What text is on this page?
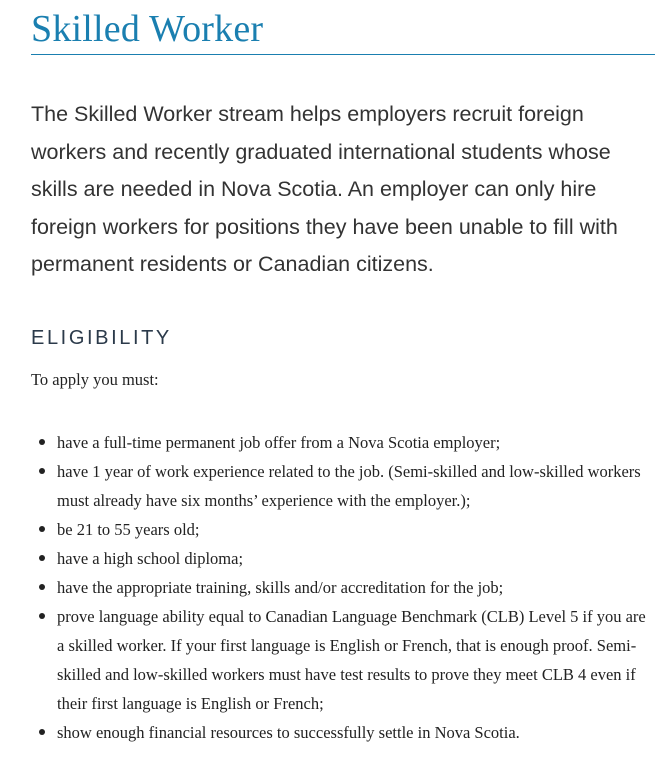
Skilled Worker

The Skilled Worker stream helps employers recruit foreign workers and recently graduated international students whose skills are needed in Nova Scotia. An employer can only hire foreign workers for positions they have been unable to fill with permanent residents or Canadian citizens.

ELIGIBILITY

To apply you must:

have a full-time permanent job offer from a Nova Scotia employer;
have 1 year of work experience related to the job. (Semi-skilled and low-skilled workers must already have six months’ experience with the employer.);
be 21 to 55 years old;
have a high school diploma;
have the appropriate training, skills and/or accreditation for the job;
prove language ability equal to Canadian Language Benchmark (CLB) Level 5 if you are a skilled worker. If your first language is English or French, that is enough proof. Semi-skilled and low-skilled workers must have test results to prove they meet CLB 4 even if their first language is English or French;
show enough financial resources to successfully settle in Nova Scotia.
